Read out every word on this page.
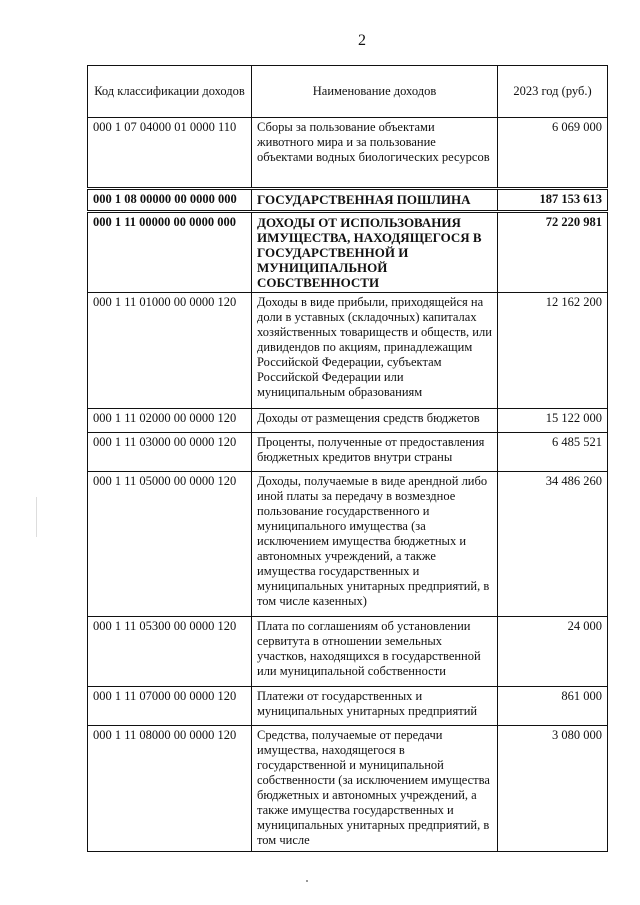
2
Код классификации доходов	Наименование доходов	2023 год (руб.)
000 1 07 04000 01 0000 110	Сборы за пользование объектами животного мира и за пользование объектами водных биологических ресурсов	6 069 000
000 1 08 00000 00 0000 000	ГОСУДАРСТВЕННАЯ ПОШЛИНА	187 153 613
000 1 11 00000 00 0000 000	ДОХОДЫ ОТ ИСПОЛЬЗОВАНИЯ ИМУЩЕСТВА, НАХОДЯЩЕГОСЯ В ГОСУДАРСТВЕННОЙ И МУНИЦИПАЛЬНОЙ СОБСТВЕННОСТИ	72 220 981
000 1 11 01000 00 0000 120	Доходы в виде прибыли, приходящейся на доли в уставных (складочных) капиталах хозяйственных товариществ и обществ, или дивидендов по акциям, принадлежащим Российской Федерации, субъектам Российской Федерации или муниципальным образованиям	12 162 200
000 1 11 02000 00 0000 120	Доходы от размещения средств бюджетов	15 122 000
000 1 11 03000 00 0000 120	Проценты, полученные от предоставления бюджетных кредитов внутри страны	6 485 521
000 1 11 05000 00 0000 120	Доходы, получаемые в виде арендной либо иной платы за передачу в возмездное пользование государственного и муниципального имущества (за исключением имущества бюджетных и автономных учреждений, а также имущества государственных и муниципальных унитарных предприятий, в том числе казенных)	34 486 260
000 1 11 05300 00 0000 120	Плата по соглашениям об установлении сервитута в отношении земельных участков, находящихся в государственной или муниципальной собственности	24 000
000 1 11 07000 00 0000 120	Платежи от государственных и муниципальных унитарных предприятий	861 000
000 1 11 08000 00 0000 120	Средства, получаемые от передачи имущества, находящегося в государственной и муниципальной собственности (за исключением имущества бюджетных и автономных учреждений, а также имущества государственных и муниципальных унитарных предприятий, в том числе	3 080 000
